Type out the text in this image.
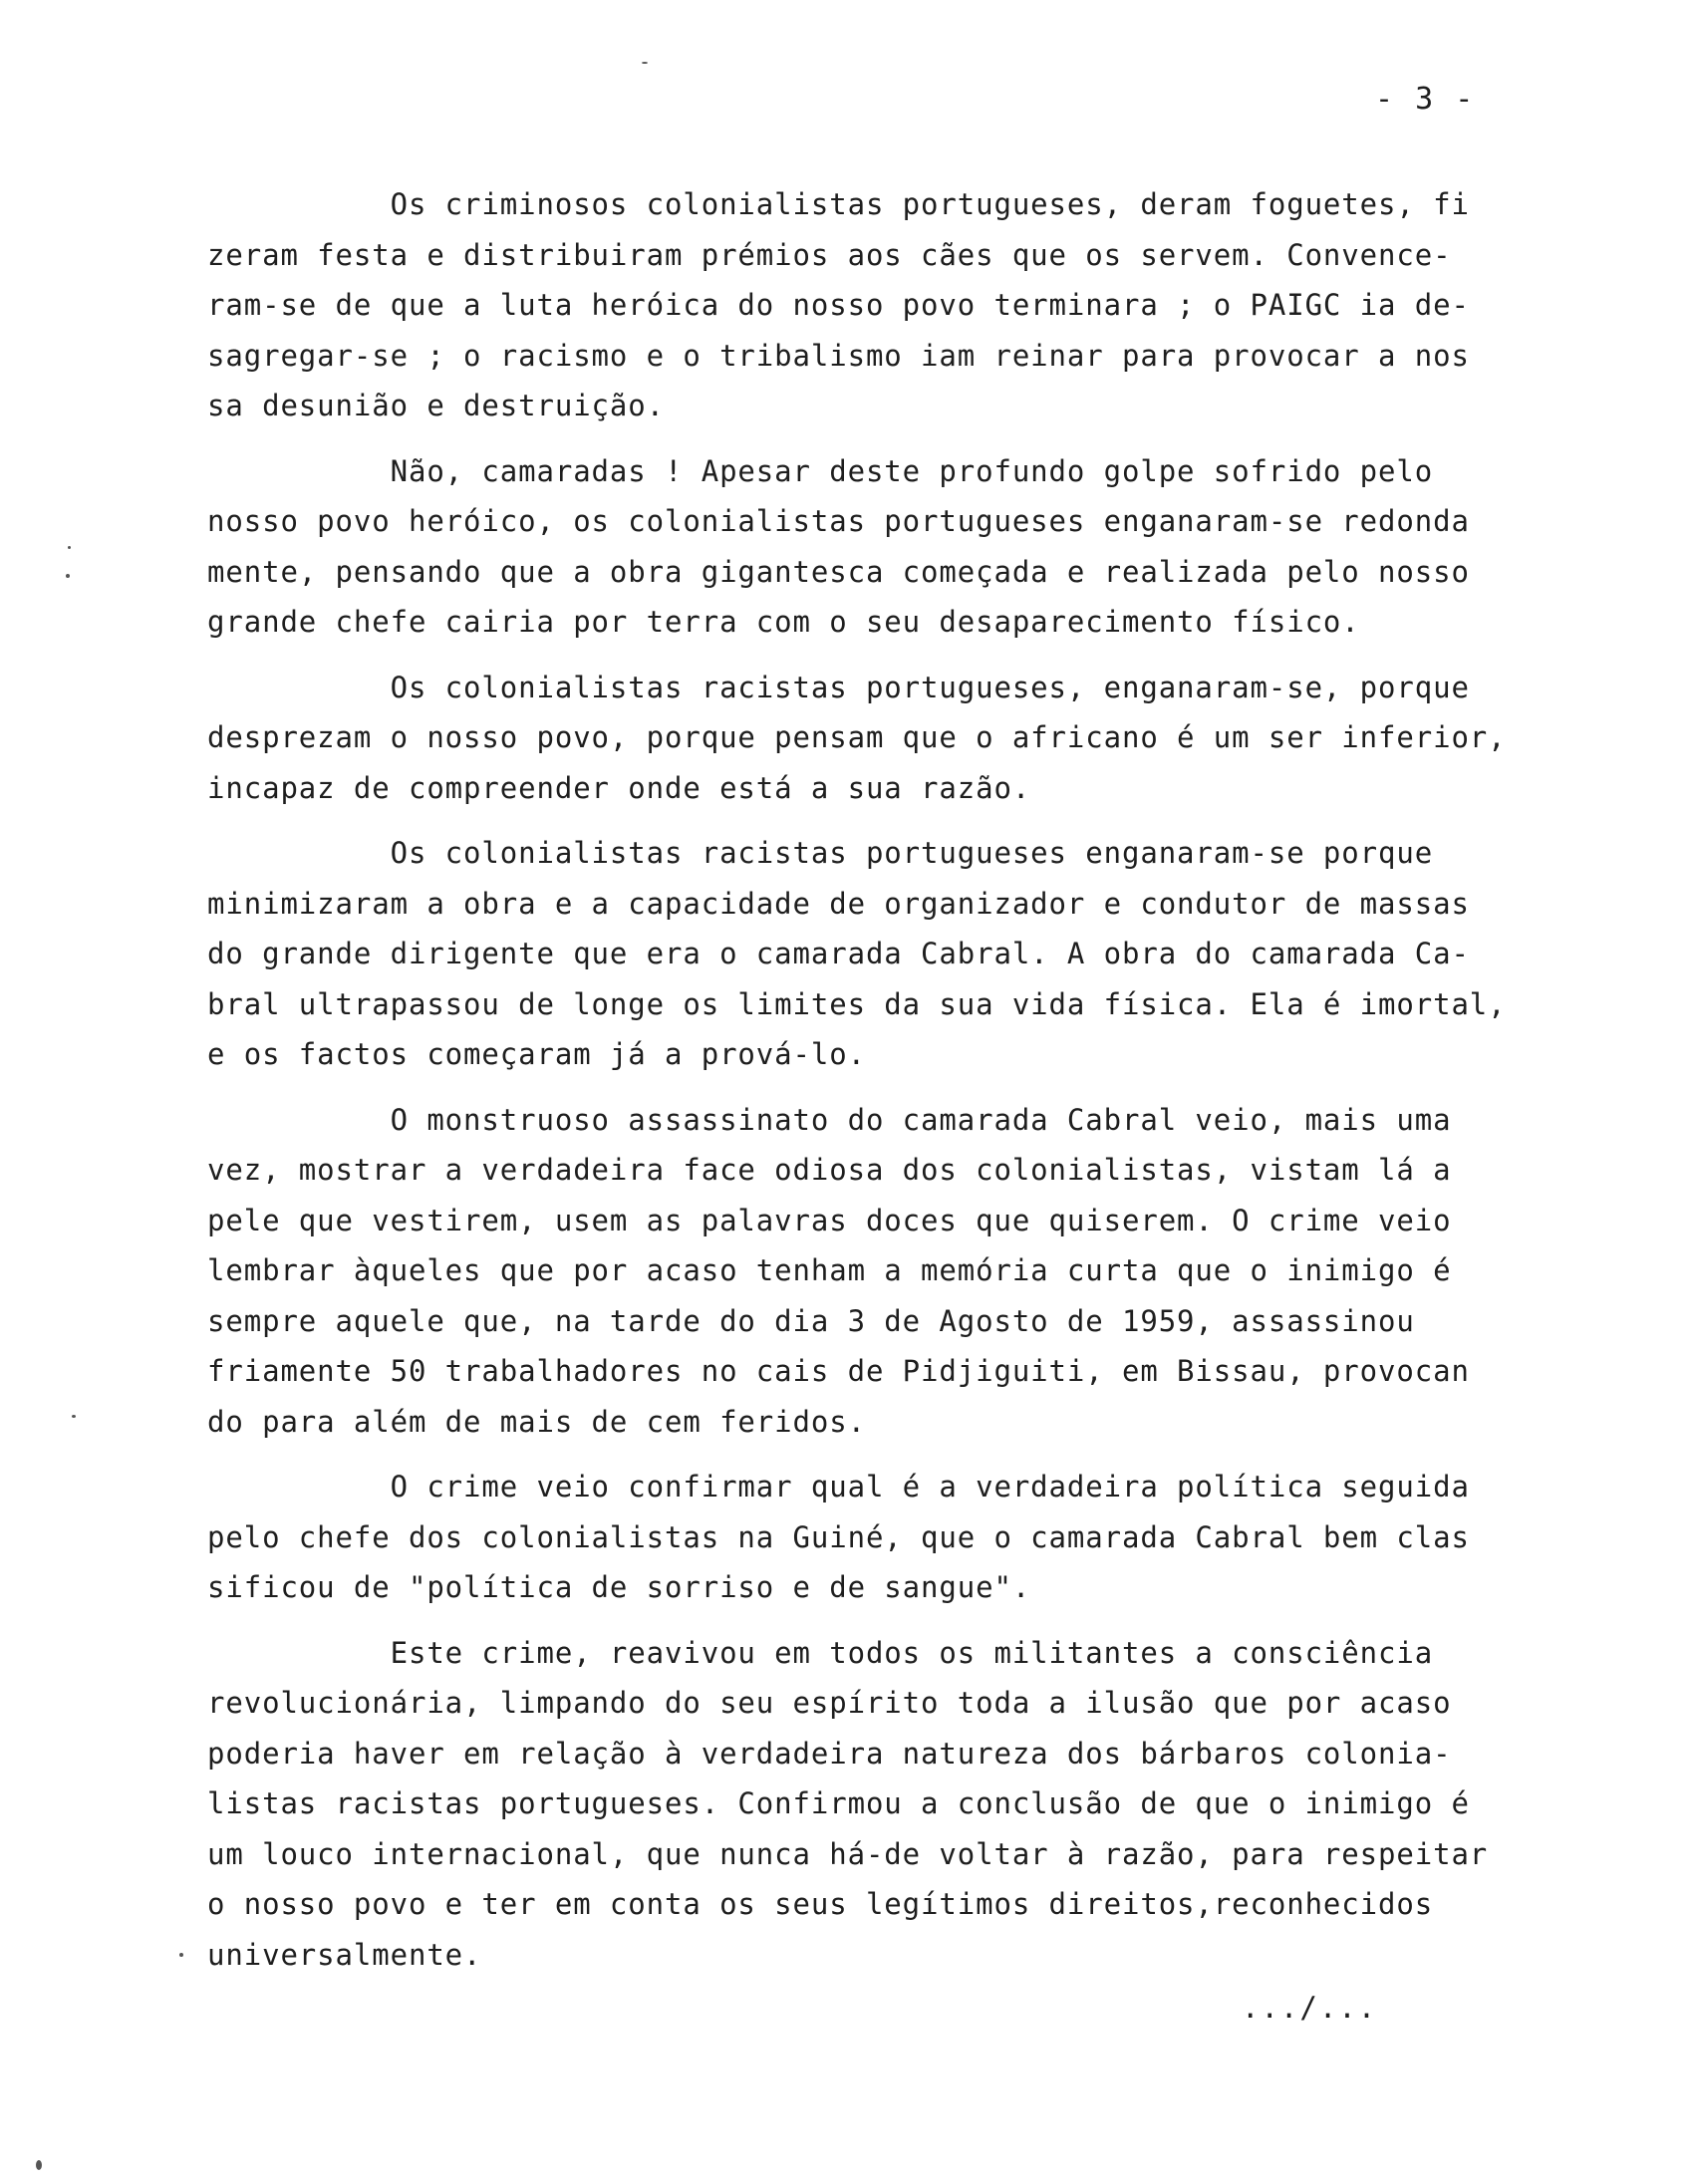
- 3 -
Os criminosos colonialistas portugueses, deram foguetes, fi
zeram festa e distribuiram prémios aos cães que os servem. Convence-
ram-se de que a luta heróica do nosso povo terminara ; o PAIGC ia de-
sagregar-se ; o racismo e o tribalismo iam reinar para provocar a nos
sa desunião e destruição.
Não, camaradas ! Apesar deste profundo golpe sofrido pelo
nosso povo heróico, os colonialistas portugueses enganaram-se redonda
mente, pensando que a obra gigantesca começada e realizada pelo nosso
grande chefe cairia por terra com o seu desaparecimento físico.
Os colonialistas racistas portugueses, enganaram-se, porque
desprezam o nosso povo, porque pensam que o africano é um ser inferior,
incapaz de compreender onde está a sua razão.
Os colonialistas racistas portugueses enganaram-se porque
minimizaram a obra e a capacidade de organizador e condutor de massas
do grande dirigente que era o camarada Cabral. A obra do camarada Ca-
bral ultrapassou de longe os limites da sua vida física. Ela é imortal,
e os factos começaram já a prová-lo.
O monstruoso assassinato do camarada Cabral veio, mais uma
vez, mostrar a verdadeira face odiosa dos colonialistas, vistam lá a
pele que vestirem, usem as palavras doces que quiserem. O crime veio
lembrar àqueles que por acaso tenham a memória curta que o inimigo é
sempre aquele que, na tarde do dia 3 de Agosto de 1959, assassinou
friamente 50 trabalhadores no cais de Pidjiguiti, em Bissau, provocan
do para além de mais de cem feridos.
O crime veio confirmar qual é a verdadeira política seguida
pelo chefe dos colonialistas na Guiné, que o camarada Cabral bem clas
sificou de "política de sorriso e de sangue".
Este crime, reavivou em todos os militantes a consciência
revolucionária, limpando do seu espírito toda a ilusão que por acaso
poderia haver em relação à verdadeira natureza dos bárbaros colonia-
listas racistas portugueses. Confirmou a conclusão de que o inimigo é
um louco internacional, que nunca há-de voltar à razão, para respeitar
o nosso povo e ter em conta os seus legítimos direitos,reconhecidos
universalmente.
.../...
